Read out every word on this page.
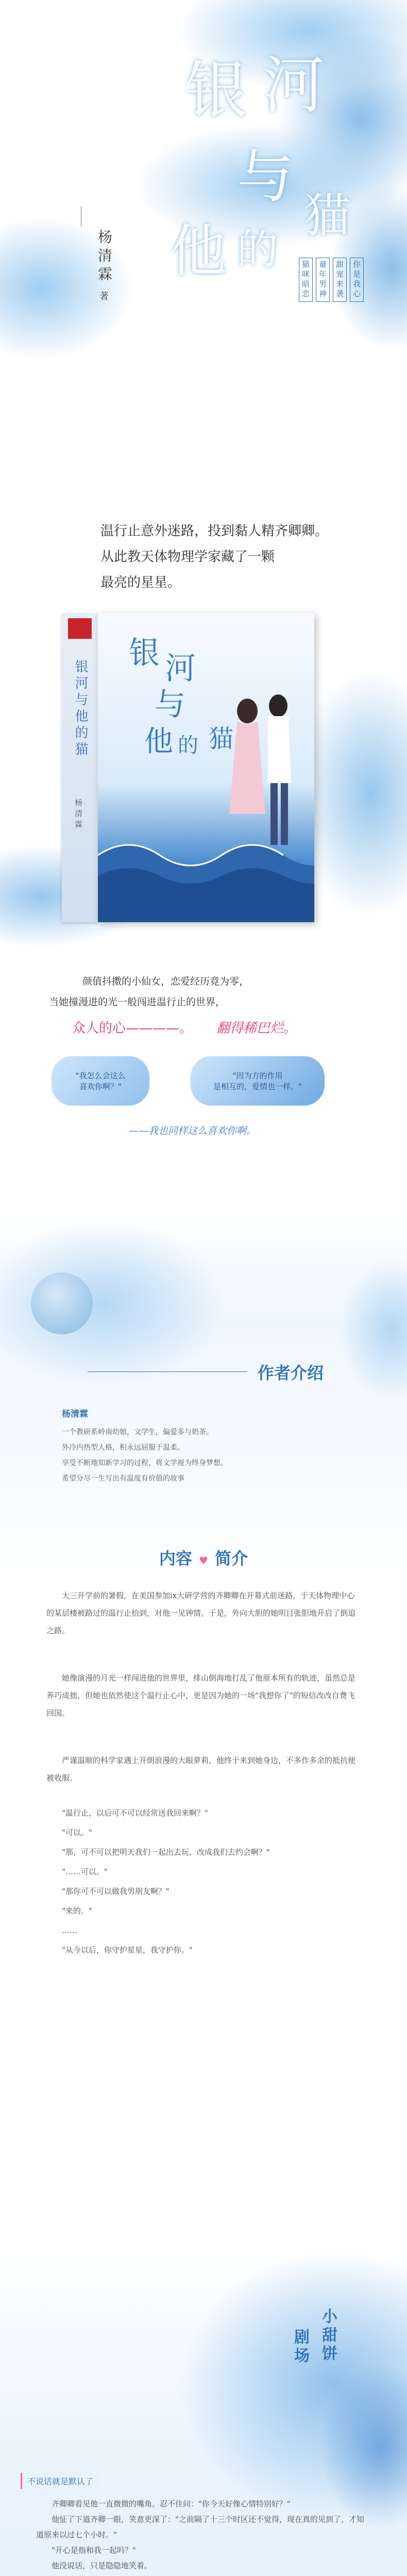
银 河
与
他 的
猫
猫咪暗恋	童年男神	甜宠来袭	你是我心
杨清霖
著
温行止意外迷路，投到黏人精齐卿卿。
从此教天体物理学家藏了一颗
最亮的星星。
银河与他的猫
杨清霖
银 河
与
他 的 猫
颜值抖擞的小仙女，恋爱经历竟为零，
当她撞漫进的光一般闯进温行止的世界，
众人的心————。 翻得稀巴烂。
"我怎么会这么
喜欢你啊？"
"因为方的作用
是相互的，爱情也一样。"
——我也同样这么喜欢你啊。
作者介绍
杨清霖
一个教研系岭南幼娘，文学生，偏爱多与奶茶。
外冷内热型人格，积永远屈服于温柔。
享受不断地知新学习的过程，将文学视为终身梦想。
希望分尽一生写出有温度有价值的故事
内容 ♥ 简介
大三开学前的暑假，在美国参加ix大研学营的齐卿卿在开幕式前迷路，于天体物理中心的某层楼被路过的温行止拾到，对他一见钟情。于是，外向大胆的她明目张胆地开启了倒追之路。
她像演漫的月光一样闯进他的世界里，排山倒海地打乱了他原本所有的轨迹，虽然总是养巧成拙，但她也依然使这个温行止心中，更是因为她的一场"我想你了"的短信改改自费飞回国。
严谨温顺的科学家遇上开朗浪漫的大眼萝莉，他终于来到她身边，不多作多余的抵抗便被收服。
"温行止，以后可不可以经常送我回来啊？"
"可以。"
"那，可不可以把明天我们一起出去玩，改成我们去约会啊？"
"……可以。"
"那你可不可以做我男朋友啊？"
"来的。"
……
"从今以后，你守护星星，我守护你。"
剧场 小甜饼
不说话就是默认了
齐卿卿看见他一直微微的嘴角。忍不住问："你今天好像心情特别好？"
他怔了下道齐卿一眼，笑意更深了："之前隔了十三个时区还不觉得，现在真的见到了，才知道原来以过七个小时。"
"开心是指和我一起吗？"
他没说话，只是隐隐地笑着。
